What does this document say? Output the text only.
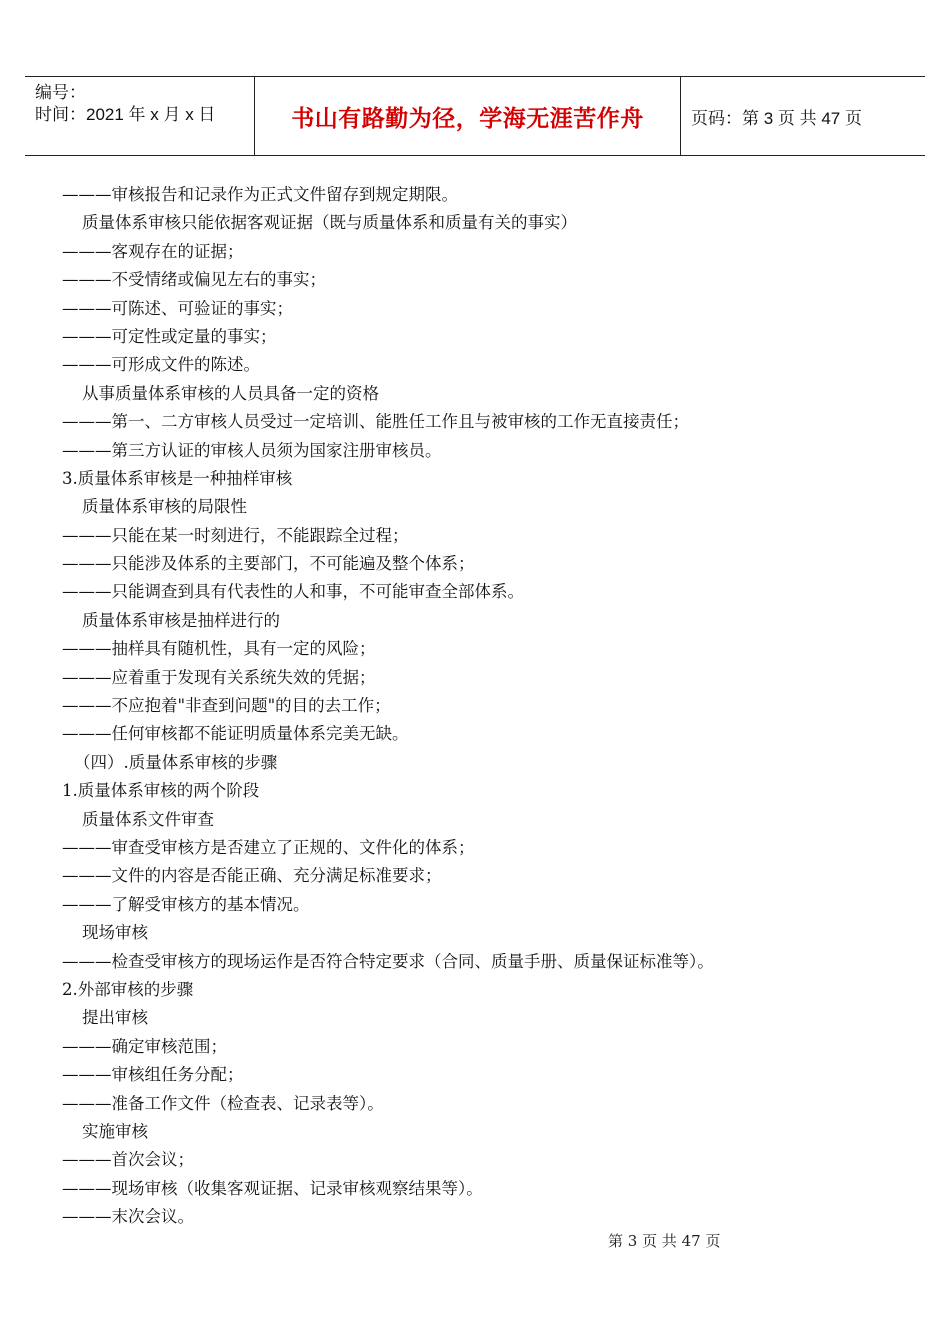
编号：
时间：2021 年 x 月 x 日	书山有路勤为径，学海无涯苦作舟	页码：第 3 页 共 47 页
———审核报告和记录作为正式文件留存到规定期限。
质量体系审核只能依据客观证据（既与质量体系和质量有关的事实）
———客观存在的证据；
———不受情绪或偏见左右的事实；
———可陈述、可验证的事实；
———可定性或定量的事实；
———可形成文件的陈述。
从事质量体系审核的人员具备一定的资格
———第一、二方审核人员受过一定培训、能胜任工作且与被审核的工作无直接责任；
———第三方认证的审核人员须为国家注册审核员。
3.质量体系审核是一种抽样审核
质量体系审核的局限性
———只能在某一时刻进行，不能跟踪全过程；
———只能涉及体系的主要部门，不可能遍及整个体系；
———只能调查到具有代表性的人和事，不可能审查全部体系。
质量体系审核是抽样进行的
———抽样具有随机性，具有一定的风险；
———应着重于发现有关系统失效的凭据；
———不应抱着"非查到问题"的目的去工作；
———任何审核都不能证明质量体系完美无缺。
（四）.质量体系审核的步骤
1.质量体系审核的两个阶段
质量体系文件审查
———审查受审核方是否建立了正规的、文件化的体系；
———文件的内容是否能正确、充分满足标准要求；
———了解受审核方的基本情况。
现场审核
———检查受审核方的现场运作是否符合特定要求（合同、质量手册、质量保证标准等）。
2.外部审核的步骤
提出审核
———确定审核范围；
———审核组任务分配；
———准备工作文件（检查表、记录表等）。
实施审核
———首次会议；
———现场审核（收集客观证据、记录审核观察结果等）。
———末次会议。
第 3 页 共 47 页
